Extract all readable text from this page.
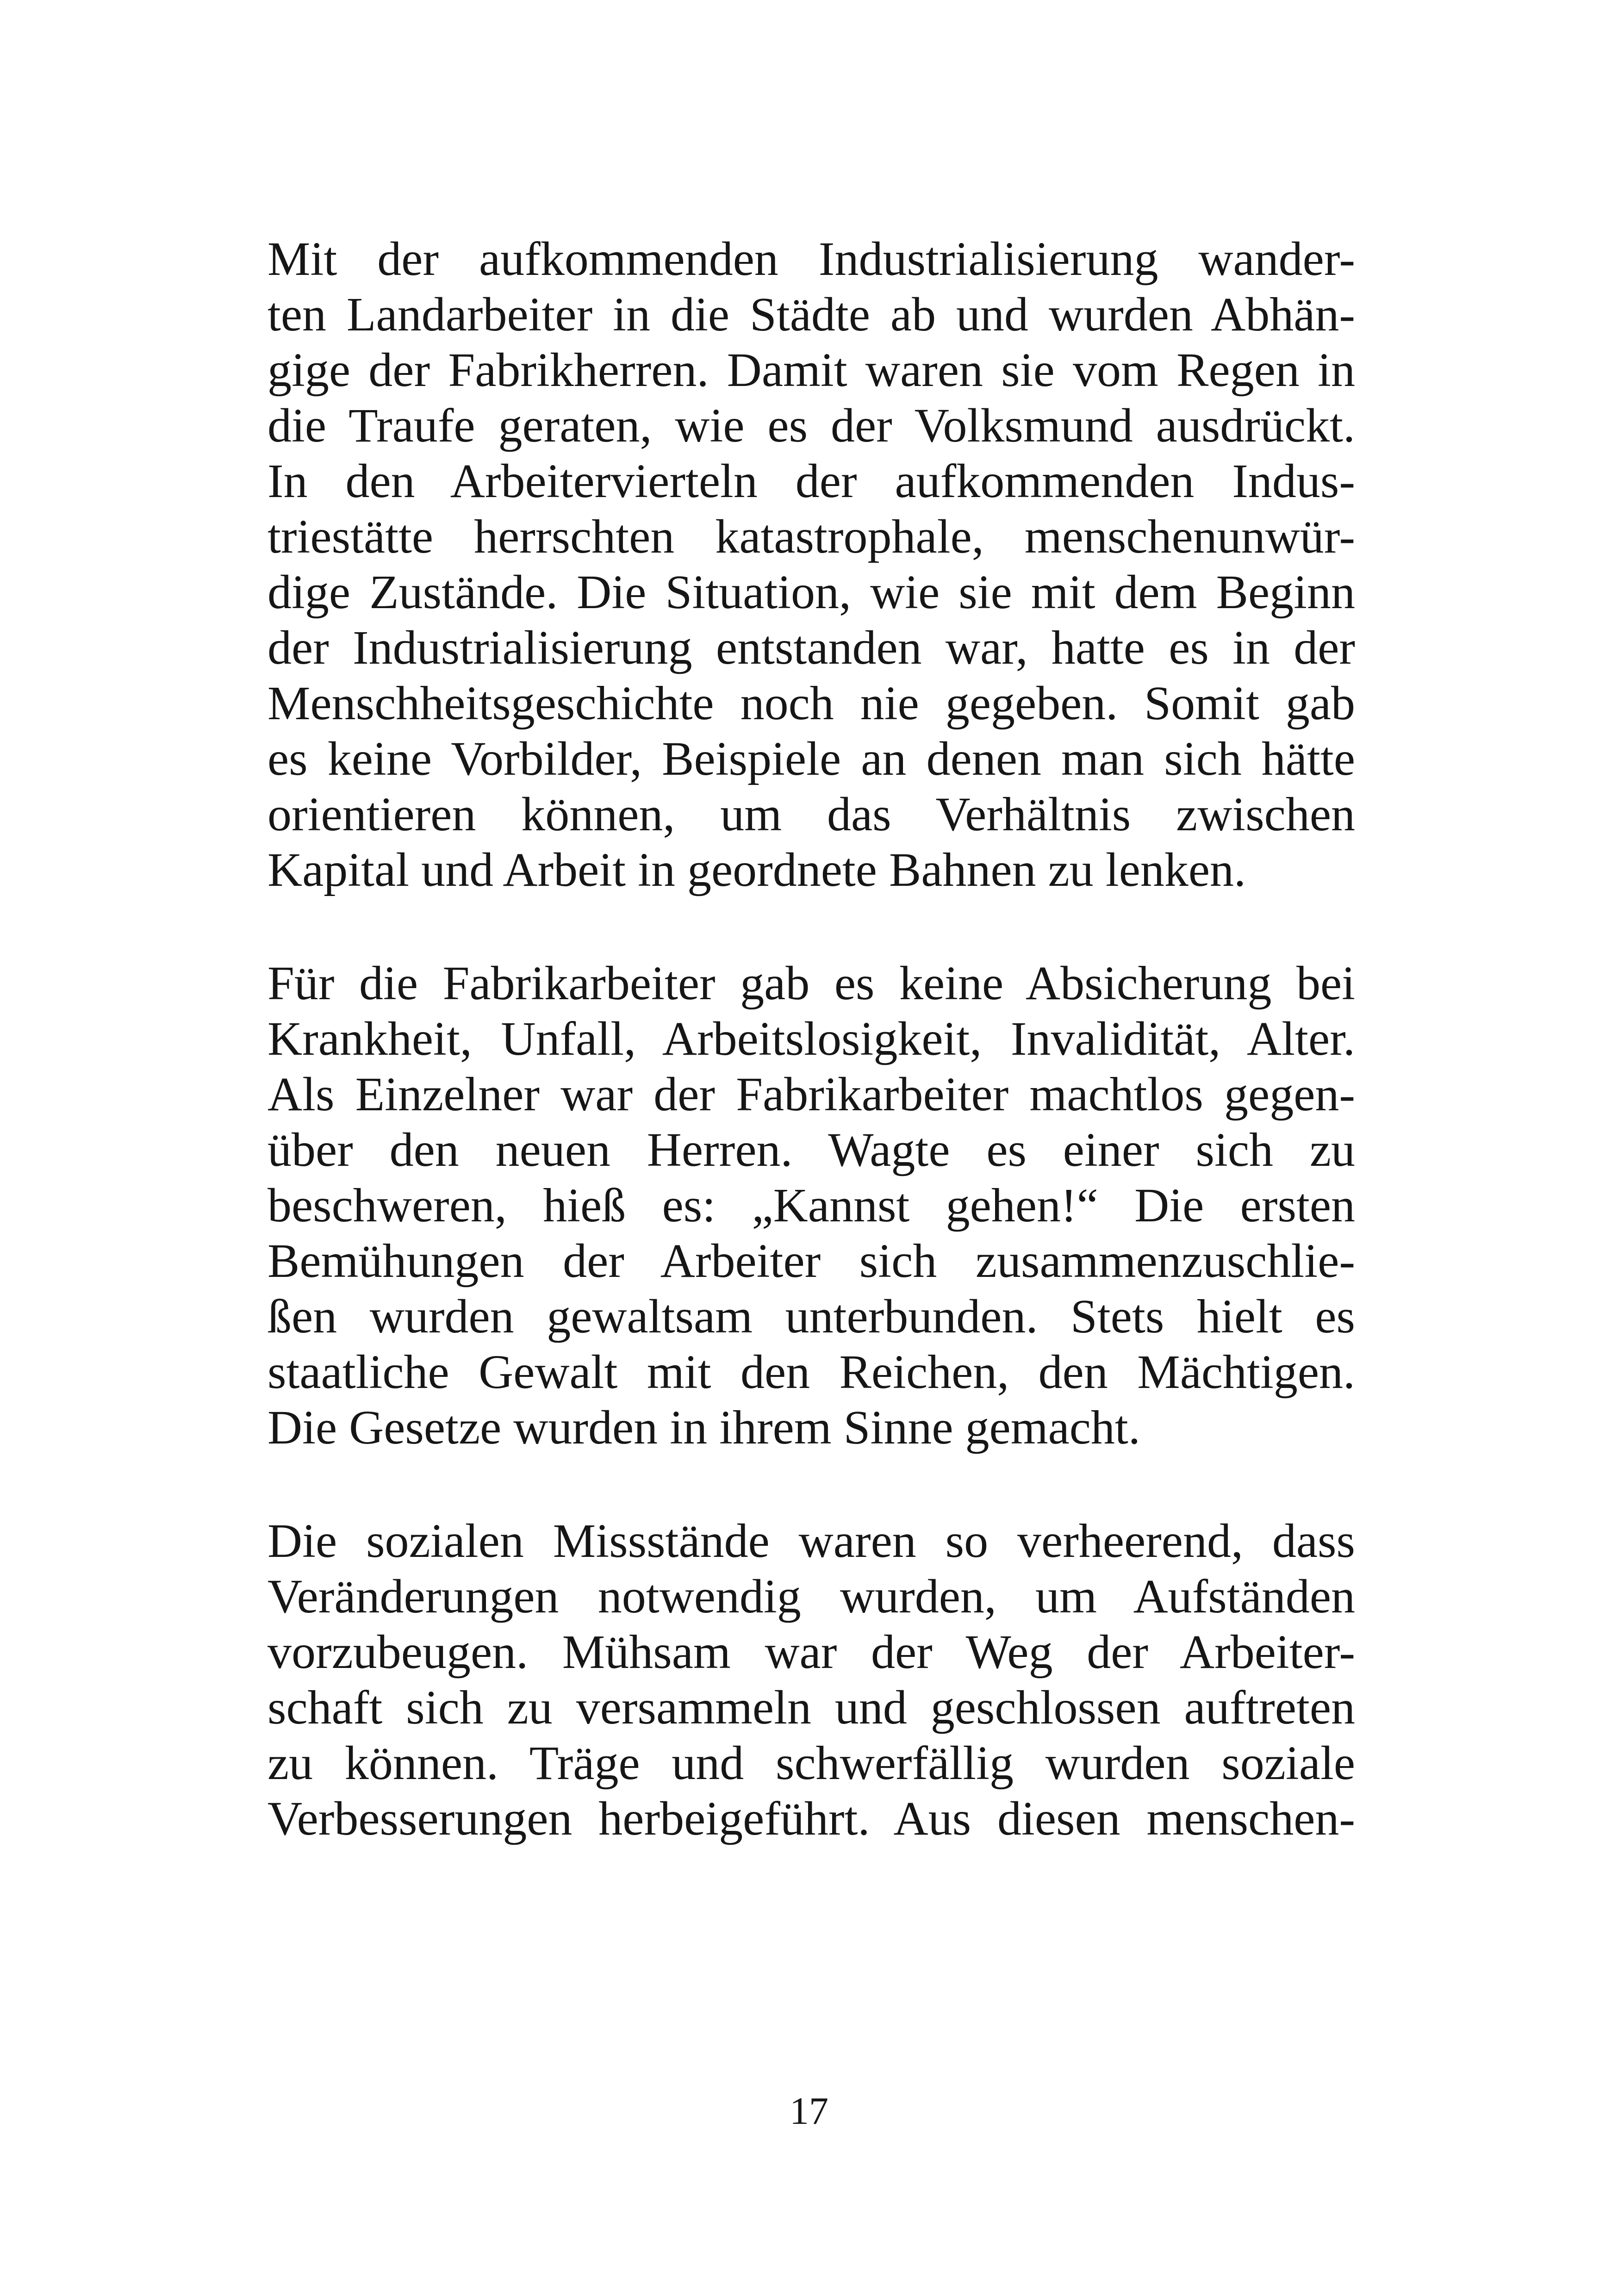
Mit der aufkommenden Industrialisierung wander-
ten Landarbeiter in die Städte ab und wurden Abhän-
gige der Fabrikherren. Damit waren sie vom Regen in
die Traufe geraten, wie es der Volksmund ausdrückt.
In den Arbeitervierteln der aufkommenden Indus-
triestätte herrschten katastrophale, menschenunwür-
dige Zustände. Die Situation, wie sie mit dem Beginn
der Industrialisierung entstanden war, hatte es in der
Menschheitsgeschichte noch nie gegeben. Somit gab
es keine Vorbilder, Beispiele an denen man sich hätte
orientieren können, um das Verhältnis zwischen
Kapital und Arbeit in geordnete Bahnen zu lenken.
Für die Fabrikarbeiter gab es keine Absicherung bei
Krankheit, Unfall, Arbeitslosigkeit, Invalidität, Alter.
Als Einzelner war der Fabrikarbeiter machtlos gegen-
über den neuen Herren. Wagte es einer sich zu
beschweren, hieß es: „Kannst gehen!“ Die ersten
Bemühungen der Arbeiter sich zusammenzuschlie-
ßen wurden gewaltsam unterbunden. Stets hielt es
staatliche Gewalt mit den Reichen, den Mächtigen.
Die Gesetze wurden in ihrem Sinne gemacht.
Die sozialen Missstände waren so verheerend, dass
Veränderungen notwendig wurden, um Aufständen
vorzubeugen. Mühsam war der Weg der Arbeiter-
schaft sich zu versammeln und geschlossen auftreten
zu können. Träge und schwerfällig wurden soziale
Verbesserungen herbeigeführt. Aus diesen menschen-
17
